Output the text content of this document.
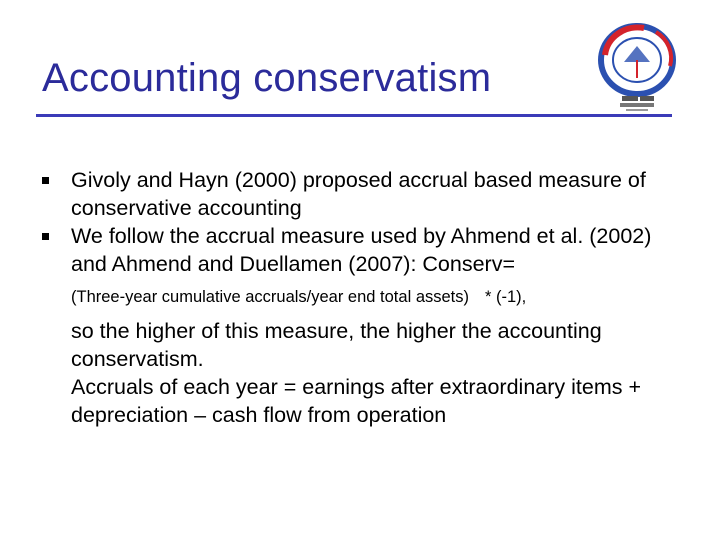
Accounting conservatism
Givoly and Hayn (2000) proposed accrual based measure of conservative accounting
We follow the accrual measure used by Ahmend et al. (2002) and Ahmend and Duellamen (2007): Conserv=
(Three-year cumulative accruals/year end total assets) * (-1),
so the higher of this measure, the higher the accounting conservatism.
Accruals of each year = earnings after extraordinary items + depreciation – cash flow from operation
